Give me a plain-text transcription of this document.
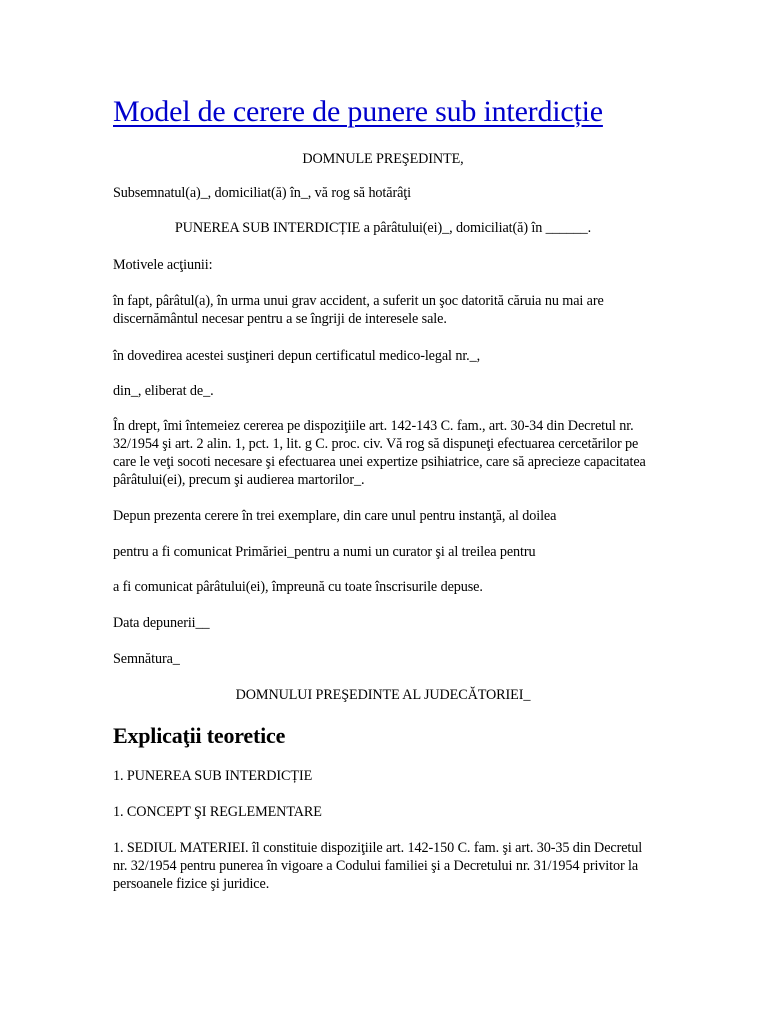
Model de cerere de punere sub interdicție

DOMNULE PREŞEDINTE,

Subsemnatul(a)_, domiciliat(ă) în_, vă rog să hotărâţi

PUNEREA SUB INTERDICȚIE a pârâtului(ei)_, domiciliat(ă) în ______.

Motivele acţiunii:

în fapt, pârâtul(a), în urma unui grav accident, a suferit un şoc datorită căruia nu mai are discernământul necesar pentru a se îngriji de interesele sale.

în dovedirea acestei susţineri depun certificatul medico-legal nr._,

din_, eliberat de_.

În drept, îmi întemeiez cererea pe dispoziţiile art. 142-143 C. fam., art. 30-34 din Decretul nr. 32/1954 şi art. 2 alin. 1, pct. 1, lit. g C. proc. civ. Vă rog să dispuneţi efectuarea cercetărilor pe care le veţi socoti necesare şi efectuarea unei expertize psihiatrice, care să aprecieze capacitatea pârâtului(ei), precum şi audierea martorilor_.

Depun prezenta cerere în trei exemplare, din care unul pentru instanţă, al doilea

pentru a fi comunicat Primăriei_pentru a numi un curator şi al treilea pentru

a fi comunicat pârâtului(ei), împreună cu toate înscrisurile depuse.

Data depunerii__

Semnătura_

DOMNULUI PREŞEDINTE AL JUDECĂTORIEI_

Explicaţii teoretice

1. PUNEREA SUB INTERDICȚIE

1. CONCEPT ŞI REGLEMENTARE

1. SEDIUL MATERIEI. îl constituie dispoziţiile art. 142-150 C. fam. şi art. 30-35 din Decretul nr. 32/1954 pentru punerea în vigoare a Codului familiei şi a Decretului nr. 31/1954 privitor la persoanele fizice şi juridice.
